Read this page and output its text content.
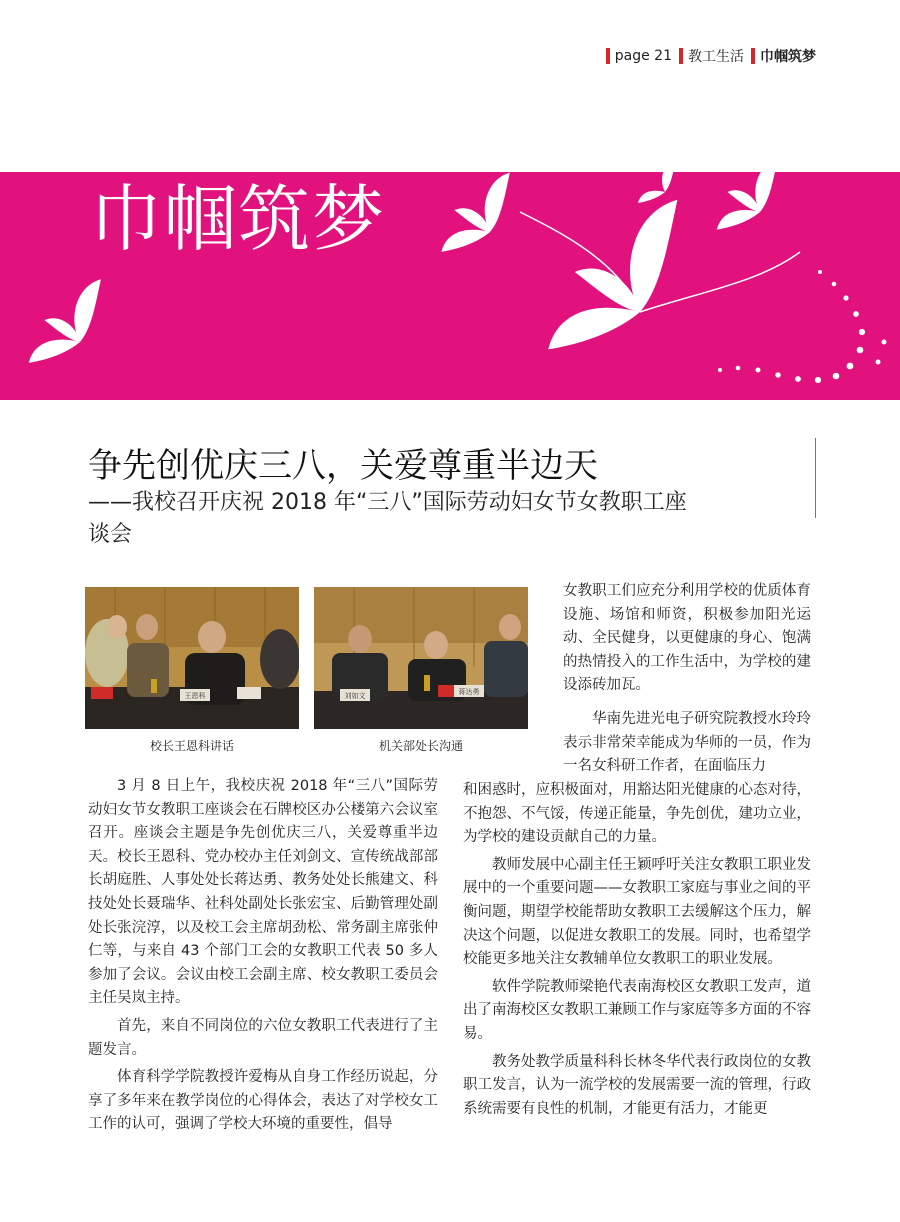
page 21 教工生活 巾帼筑梦
巾帼筑梦
争先创优庆三八，关爱尊重半边天
——我校召开庆祝 2018 年“三八”国际劳动妇女节女教职工座谈会
王恩科
校长王恩科讲话
刘如文	蒋达勇
机关部处长沟通

女教职工们应充分利用学校的优质体育设施、场馆和师资，积极参加阳光运动、全民健身，以更健康的身心、饱满的热情投入的工作生活中，为学校的建设添砖加瓦。

华南先进光电子研究院教授水玲玲表示非常荣幸能成为华师的一员，作为一名女科研工作者，在面临压力

3 月 8 日上午，我校庆祝 2018 年“三八”国际劳动妇女节女教职工座谈会在石牌校区办公楼第六会议室召开。座谈会主题是争先创优庆三八，关爱尊重半边天。校长王恩科、党办校办主任刘剑文、宣传统战部部长胡庭胜、人事处处长蒋达勇、教务处处长熊建文、科技处处长聂瑞华、社科处副处长张宏宝、后勤管理处副处长张浣淳，以及校工会主席胡劲松、常务副主席张仲仁等，与来自 43 个部门工会的女教职工代表 50 多人参加了会议。会议由校工会副主席、校女教职工委员会主任吴岚主持。

首先，来自不同岗位的六位女教职工代表进行了主题发言。

体育科学学院教授许爱梅从自身工作经历说起，分享了多年来在教学岗位的心得体会，表达了对学校女工工作的认可，强调了学校大环境的重要性，倡导

和困惑时，应积极面对，用豁达阳光健康的心态对待，不抱怨、不气馁，传递正能量，争先创优，建功立业，为学校的建设贡献自己的力量。

教师发展中心副主任王颖呼吁关注女教职工职业发展中的一个重要问题——女教职工家庭与事业之间的平衡问题，期望学校能帮助女教职工去缓解这个压力，解决这个问题，以促进女教职工的发展。同时，也希望学校能更多地关注女教辅单位女教职工的职业发展。

软件学院教师梁艳代表南海校区女教职工发声，道出了南海校区女教职工兼顾工作与家庭等多方面的不容易。

教务处教学质量科科长林冬华代表行政岗位的女教职工发言，认为一流学校的发展需要一流的管理，行政系统需要有良性的机制，才能更有活力，才能更
